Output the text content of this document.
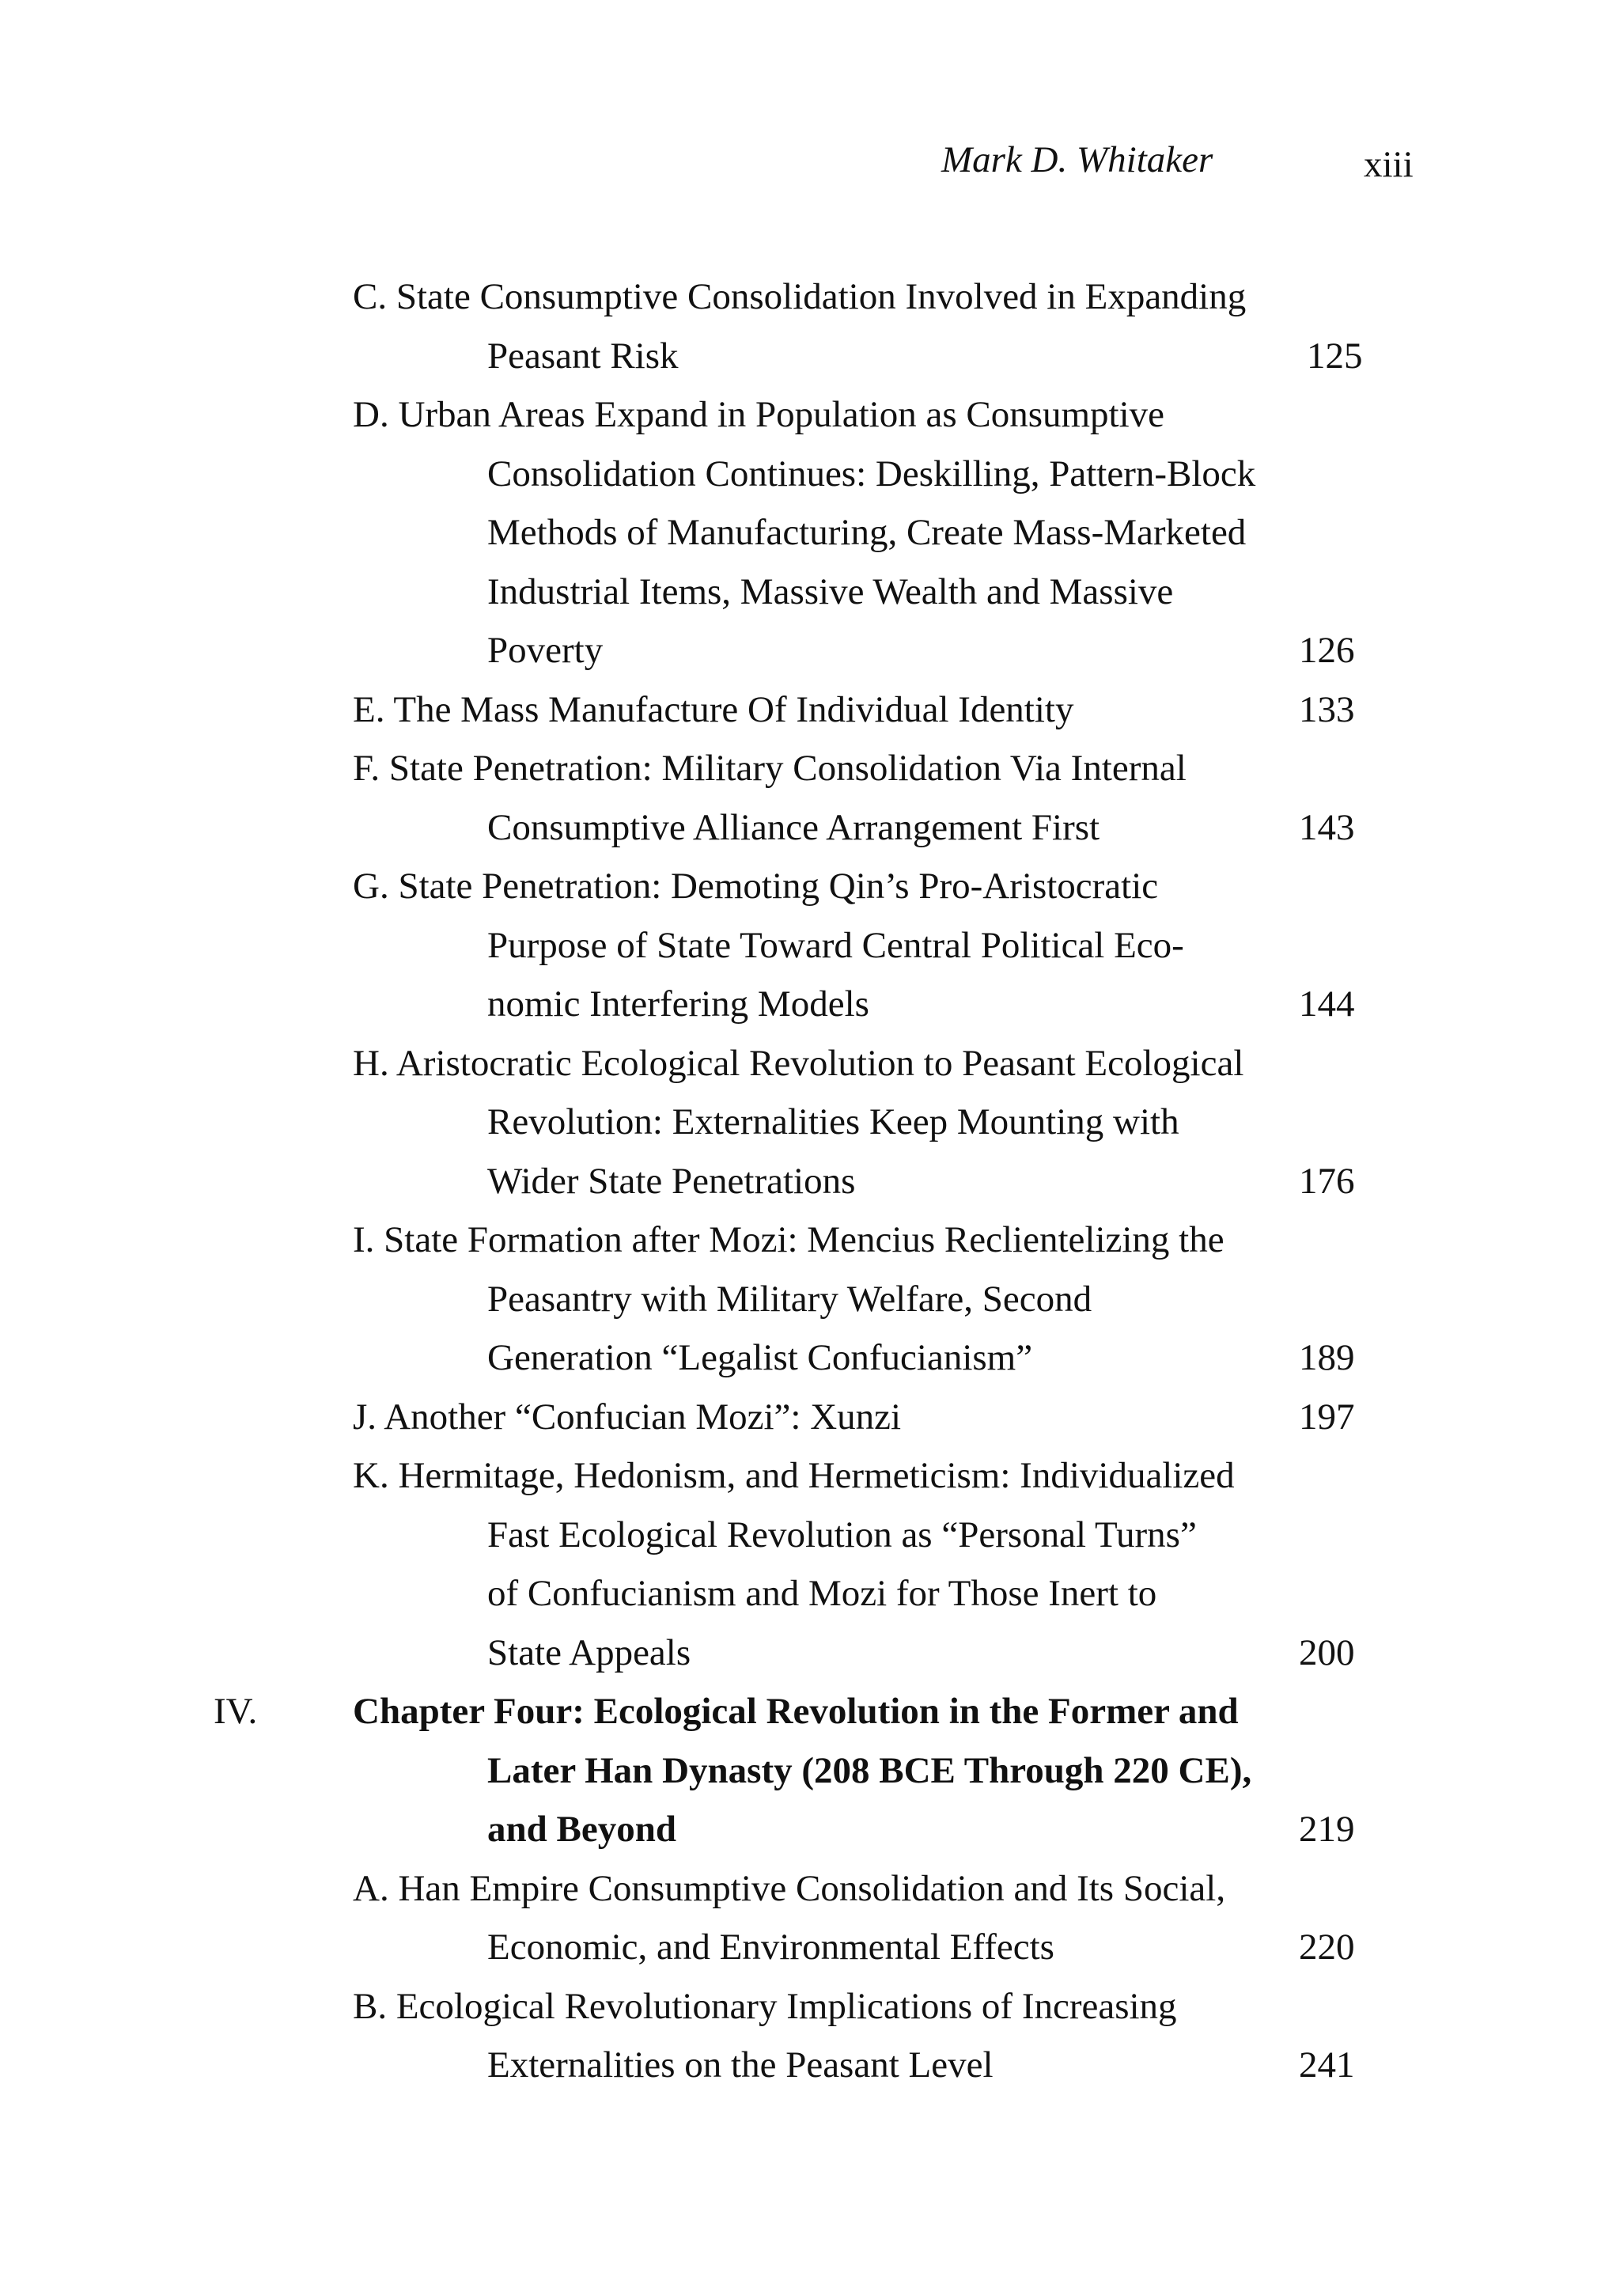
Mark D. Whitaker	xiii
C. State Consumptive Consolidation Involved in Expanding
Peasant Risk	125
D. Urban Areas Expand in Population as Consumptive
Consolidation Continues: Deskilling, Pattern-Block
Methods of Manufacturing, Create Mass-Marketed
Industrial Items, Massive Wealth and Massive
Poverty	126
E. The Mass Manufacture Of Individual Identity	133
F. State Penetration: Military Consolidation Via Internal
Consumptive Alliance Arrangement First	143
G. State Penetration: Demoting Qin’s Pro-Aristocratic
Purpose of State Toward Central Political Eco-
nomic Interfering Models	144
H. Aristocratic Ecological Revolution to Peasant Ecological
Revolution: Externalities Keep Mounting with
Wider State Penetrations	176
I. State Formation after Mozi: Mencius Reclientelizing the
Peasantry with Military Welfare, Second
Generation “Legalist Confucianism”	189
J. Another “Confucian Mozi”: Xunzi	197
K. Hermitage, Hedonism, and Hermeticism: Individualized
Fast Ecological Revolution as “Personal Turns”
of Confucianism and Mozi for Those Inert to
State Appeals	200
IV.	Chapter Four: Ecological Revolution in the Former and
Later Han Dynasty (208 BCE Through 220 CE),
and Beyond	219
A. Han Empire Consumptive Consolidation and Its Social,
Economic, and Environmental Effects	220
B. Ecological Revolutionary Implications of Increasing
Externalities on the Peasant Level	241
